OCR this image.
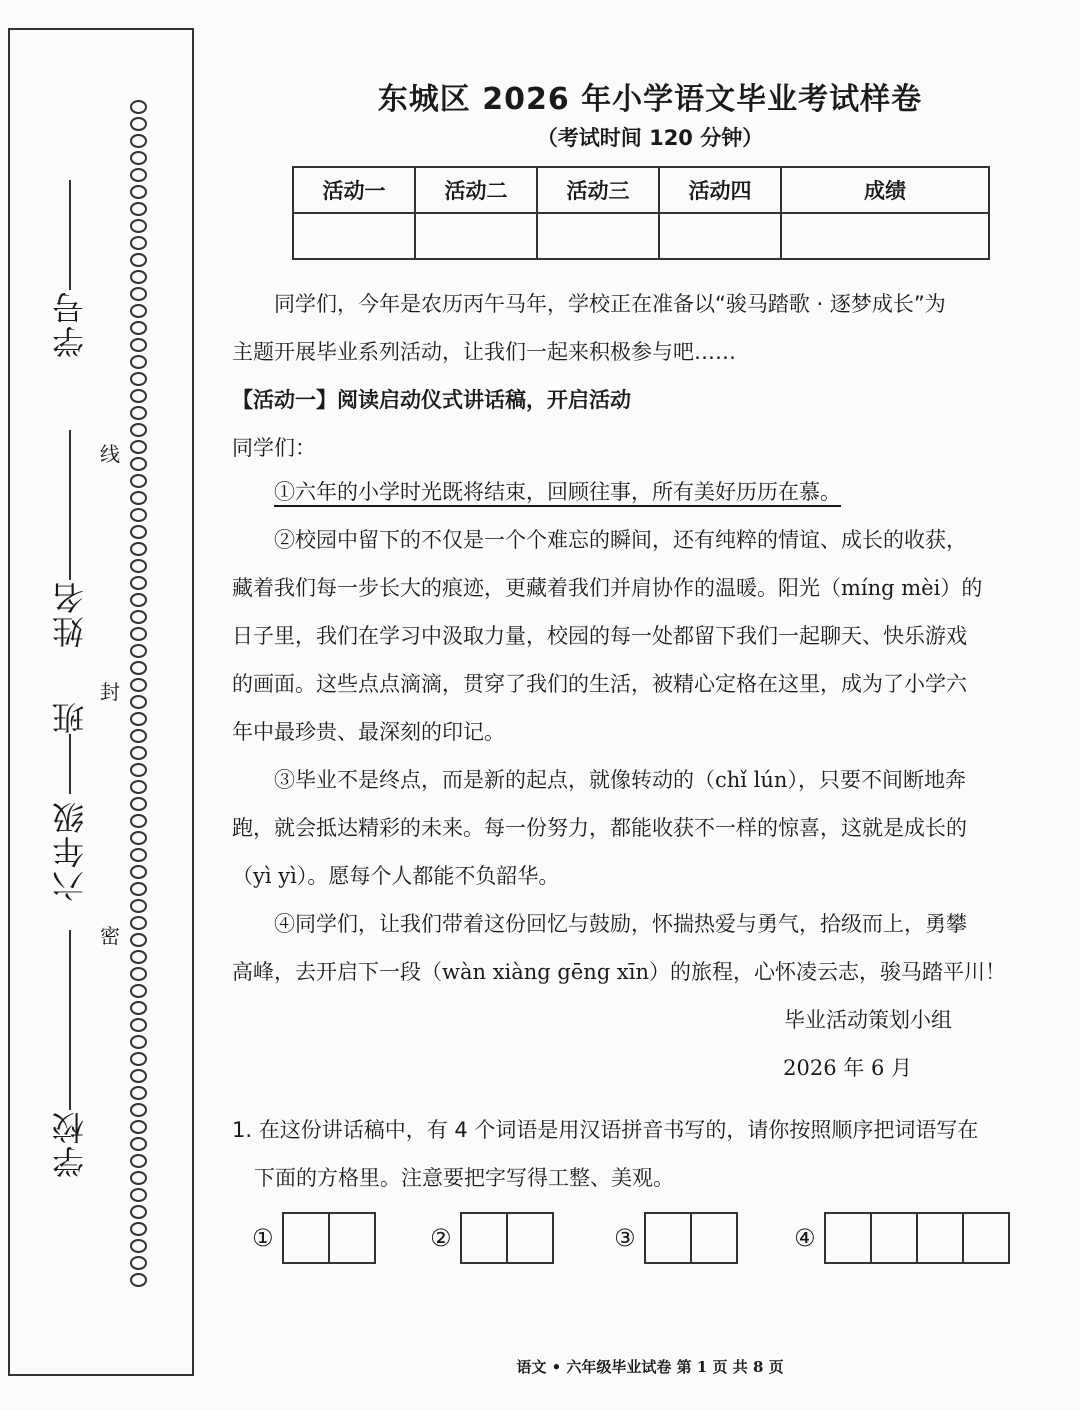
学号
姓名
班
六年级
学校
线
封
密
东城区 2026 年小学语文毕业考试样卷
（考试时间 120 分钟）
活动一	活动二	活动三	活动四	成绩

同学们，今年是农历丙午马年，学校正在准备以“骏马踏歌 · 逐梦成长”为
主题开展毕业系列活动，让我们一起来积极参与吧……
【活动一】阅读启动仪式讲话稿，开启活动
同学们：
①六年的小学时光既将结束，回顾往事，所有美好历历在慕。
②校园中留下的不仅是一个个难忘的瞬间，还有纯粹的情谊、成长的收获，
藏着我们每一步长大的痕迹，更藏着我们并肩协作的温暖。阳光（míng mèi）的
日子里，我们在学习中汲取力量，校园的每一处都留下我们一起聊天、快乐游戏
的画面。这些点点滴滴，贯穿了我们的生活，被精心定格在这里，成为了小学六
年中最珍贵、最深刻的印记。
③毕业不是终点，而是新的起点，就像转动的（chǐ lún），只要不间断地奔
跑，就会抵达精彩的未来。每一份努力，都能收获不一样的惊喜，这就是成长的
（yì yì）。愿每个人都能不负韶华。
④同学们，让我们带着这份回忆与鼓励，怀揣热爱与勇气，拾级而上，勇攀
高峰，去开启下一段（wàn xiàng gēng xīn）的旅程，心怀凌云志，骏马踏平川！
毕业活动策划小组
2026 年 6 月
1. 在这份讲话稿中，有 4 个词语是用汉语拼音书写的，请你按照顺序把词语写在
下面的方格里。注意要把字写得工整、美观。
①	②	③	④
语文 • 六年级毕业试卷 第 1 页 共 8 页
